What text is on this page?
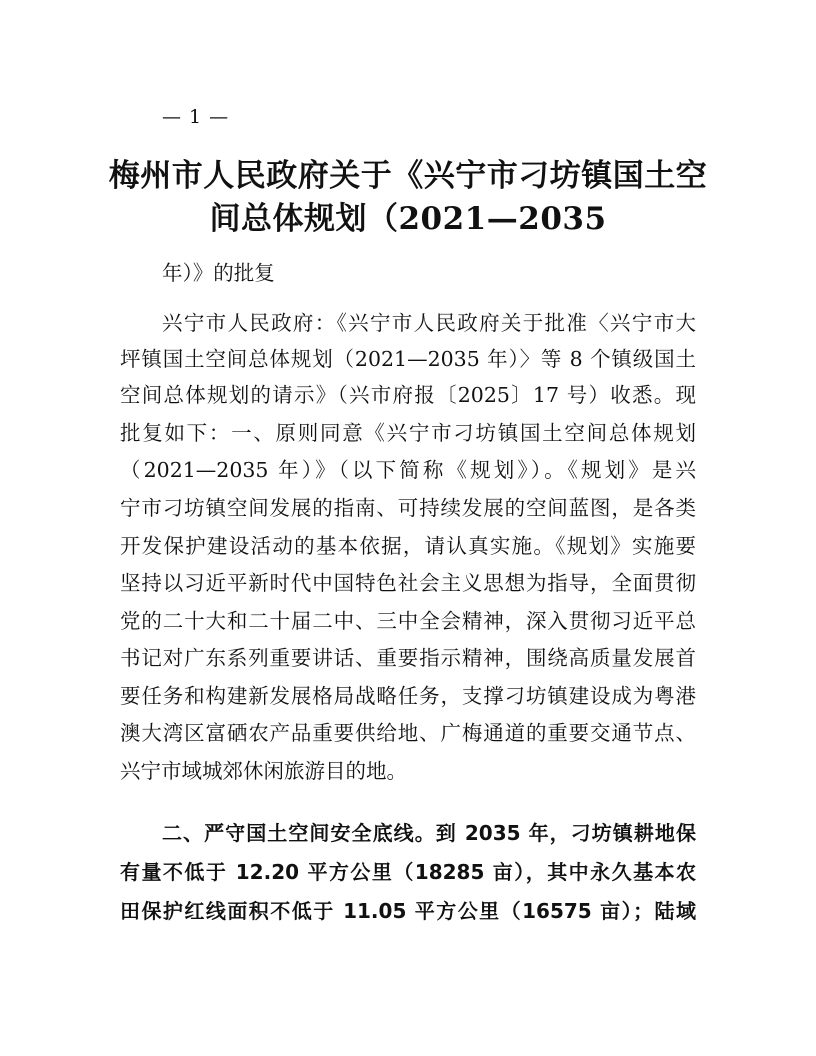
— 1 —
梅州市人民政府关于《兴宁市刁坊镇国土空
间总体规划（2021—2035
年）》的批复
兴宁市人民政府：《兴宁市人民政府关于批准〈兴宁市大
坪镇国土空间总体规划（2021—2035 年）〉等 8 个镇级国土
空间总体规划的请示》（兴市府报〔2025〕17 号）收悉。现
批复如下：一、原则同意《兴宁市刁坊镇国土空间总体规划
（2021—2035 年）》（以下简称《规划》）。《规划》是兴
宁市刁坊镇空间发展的指南、可持续发展的空间蓝图，是各类
开发保护建设活动的基本依据，请认真实施。《规划》实施要
坚持以习近平新时代中国特色社会主义思想为指导，全面贯彻
党的二十大和二十届二中、三中全会精神，深入贯彻习近平总
书记对广东系列重要讲话、重要指示精神，围绕高质量发展首
要任务和构建新发展格局战略任务，支撑刁坊镇建设成为粤港
澳大湾区富硒农产品重要供给地、广梅通道的重要交通节点、
兴宁市域城郊休闲旅游目的地。
二、严守国土空间安全底线。到 2035 年，刁坊镇耕地保
有量不低于 12.20 平方公里（18285 亩），其中永久基本农
田保护红线面积不低于 11.05 平方公里（16575 亩）；陆域
